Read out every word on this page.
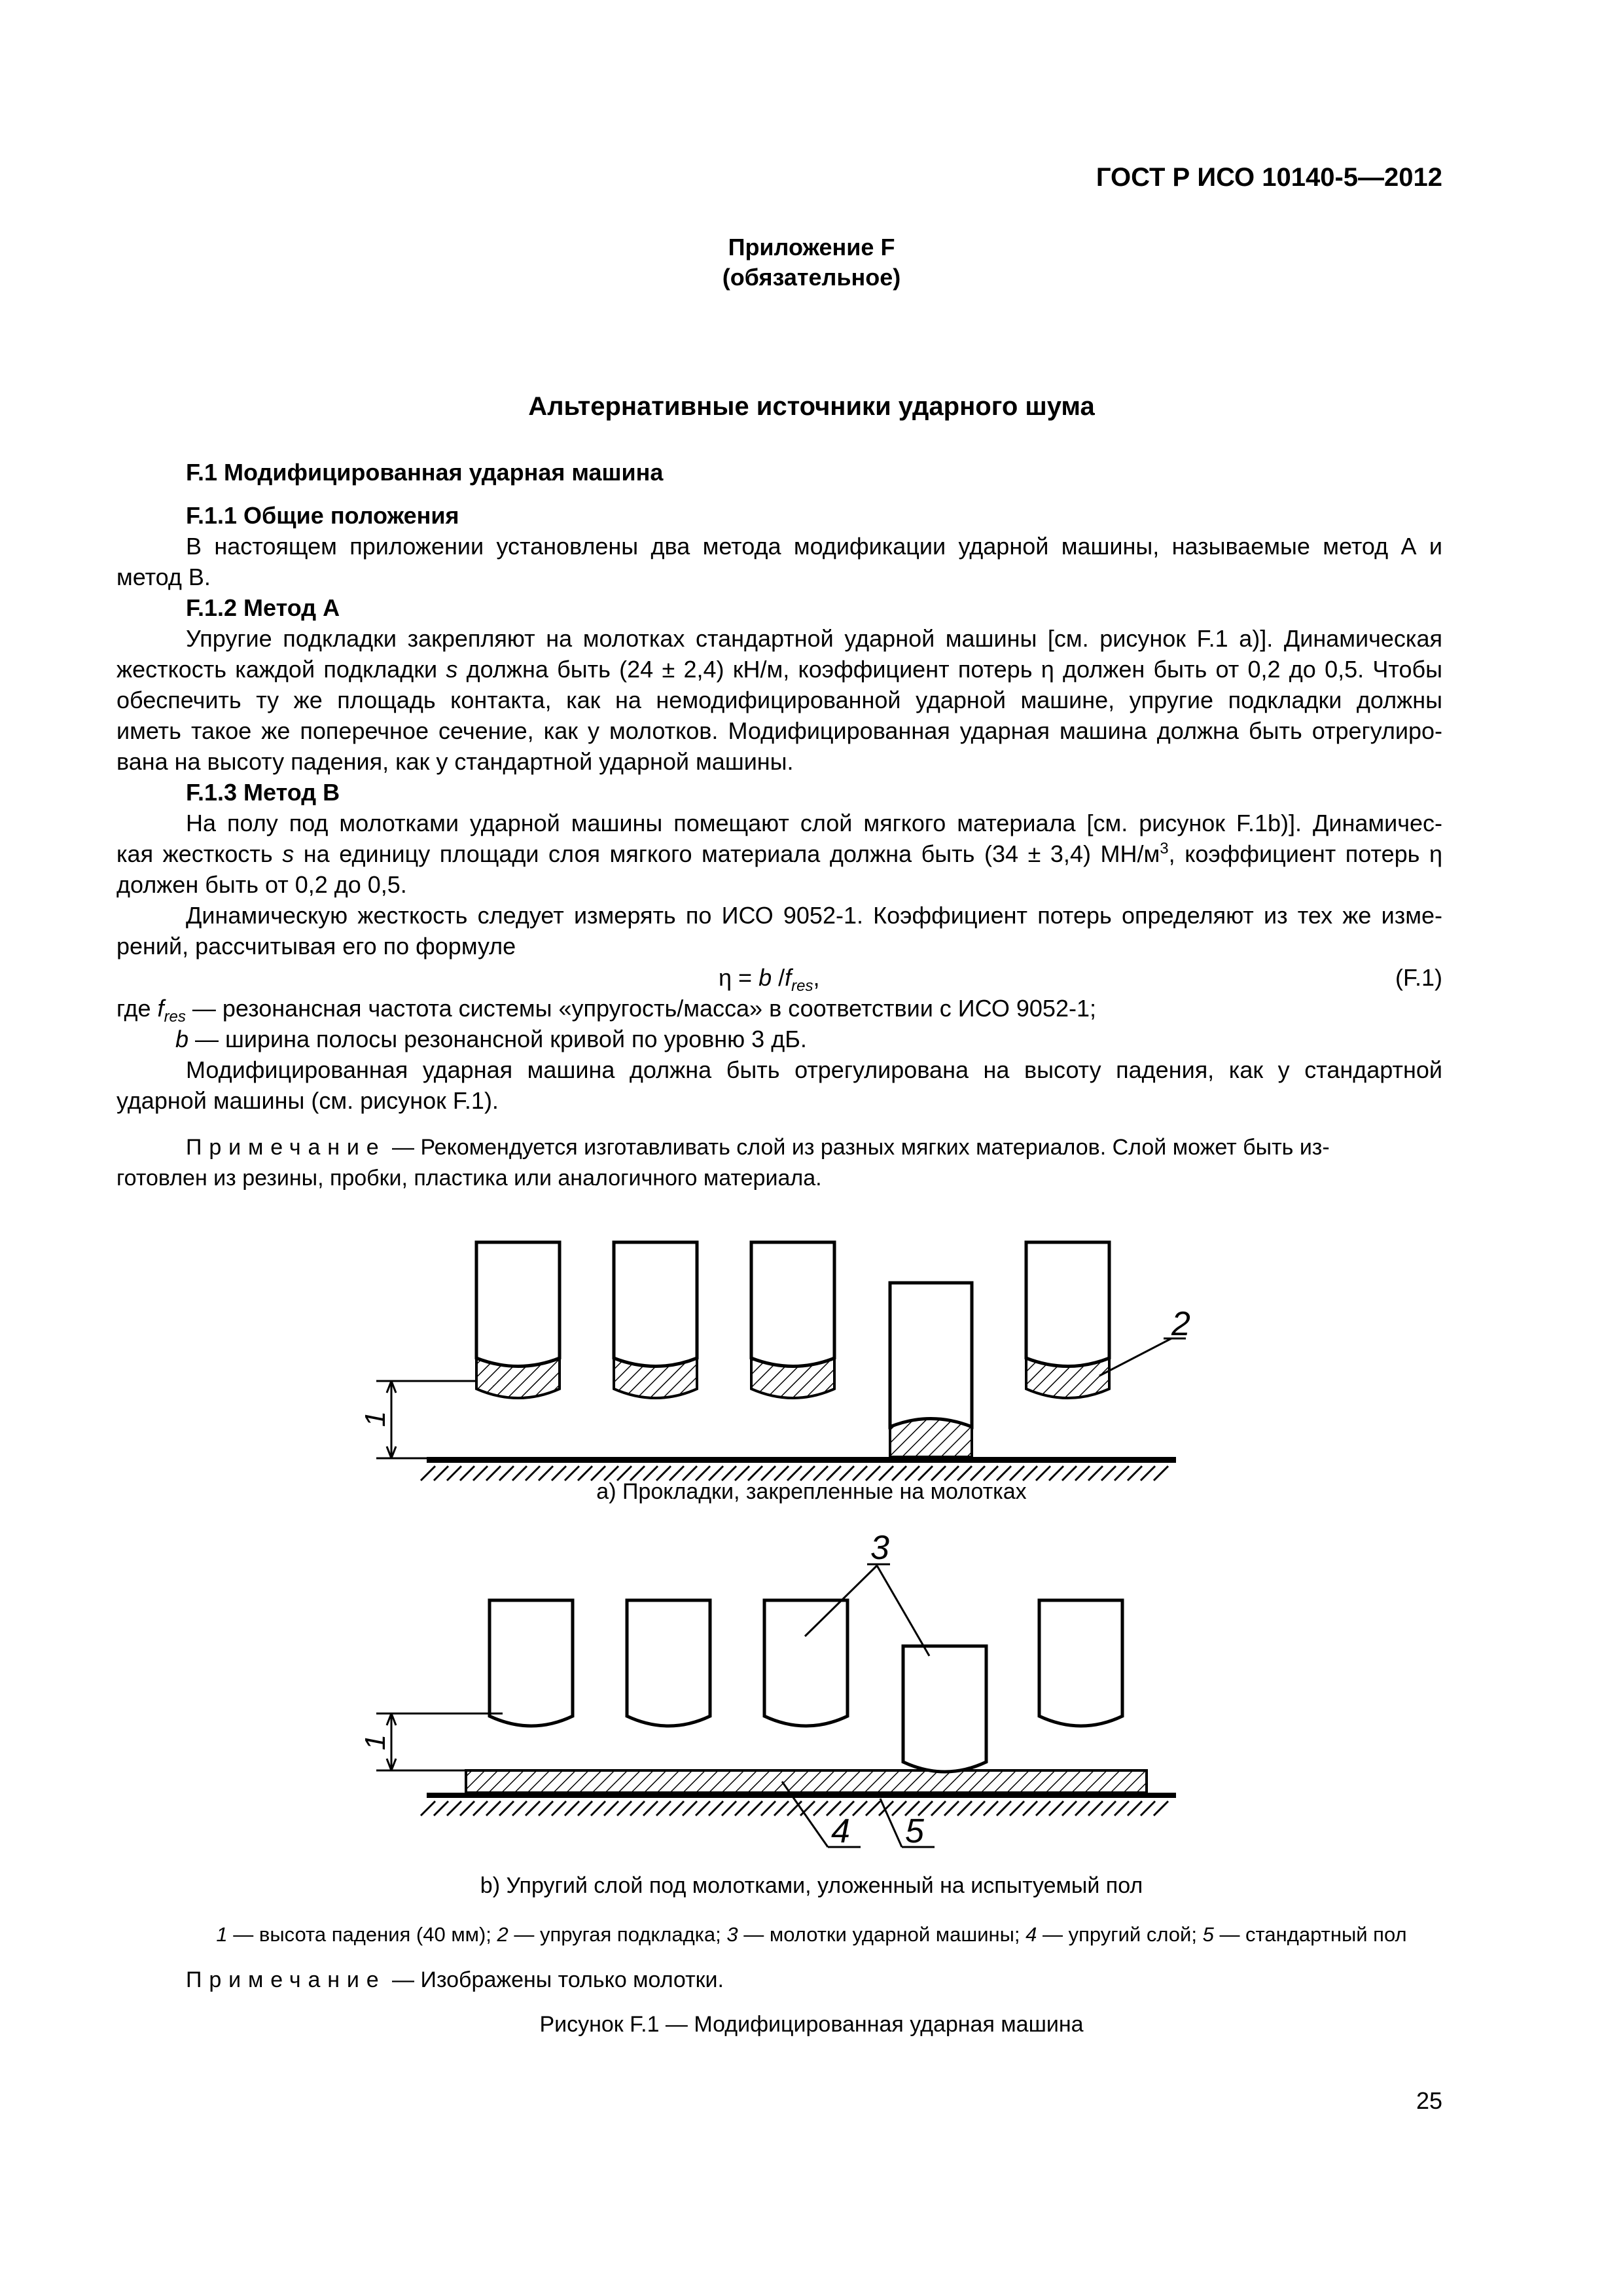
ГОСТ Р ИСО 10140-5—2012
Приложение F
(обязательное)
Альтернативные источники ударного шума
F.1 Модифицированная ударная машина
F.1.1 Общие положения
В настоящем приложении установлены два метода модификации ударной машины, называемые метод А и
метод В.
F.1.2 Метод А
Упругие подкладки закрепляют на молотках стандартной ударной машины [см. рисунок F.1 а)]. Динамическая
жесткость каждой подкладки s должна быть (24 ± 2,4) кН/м, коэффициент потерь η должен быть от 0,2 до 0,5. Чтобы
обеспечить ту же площадь контакта, как на немодифицированной ударной машине, упругие подкладки должны
иметь такое же поперечное сечение, как у молотков. Модифицированная ударная машина должна быть отрегулиро-
вана на высоту падения, как у стандартной ударной машины.
F.1.3 Метод В
На полу под молотками ударной машины помещают слой мягкого материала [см. рисунок F.1b)]. Динамичес-
кая жесткость s на единицу площади слоя мягкого материала должна быть (34 ± 3,4) $МН/м^3$, коэффициент потерь η
должен быть от 0,2 до 0,5.
Динамическую жесткость следует измерять по ИСО 9052-1. Коэффициент потерь определяют из тех же изме-
рений, рассчитывая его по формуле
η = b $/f_{res}$,	(F.1)
где $f_{res}$ — резонансная частота системы «упругость/масса» в соответствии с ИСО 9052-1;
b — ширина полосы резонансной кривой по уровню 3 дБ.
Модифицированная ударная машина должна быть отрегулирована на высоту падения, как у стандартной
ударной машины (см. рисунок F.1).
Примечание — Рекомендуется изготавливать слой из разных мягких материалов. Слой может быть из-
готовлен из резины, пробки, пластика или аналогичного материала.
1
2
1
3
4 5
а) Прокладки, закрепленные на молотках
b) Упругий слой под молотками, уложенный на испытуемый пол
1 — высота падения (40 мм); 2 — упругая подкладка; 3 — молотки ударной машины; 4 — упругий слой; 5 — стандартный пол
Примечание — Изображены только молотки.
Рисунок F.1 — Модифицированная ударная машина
25
